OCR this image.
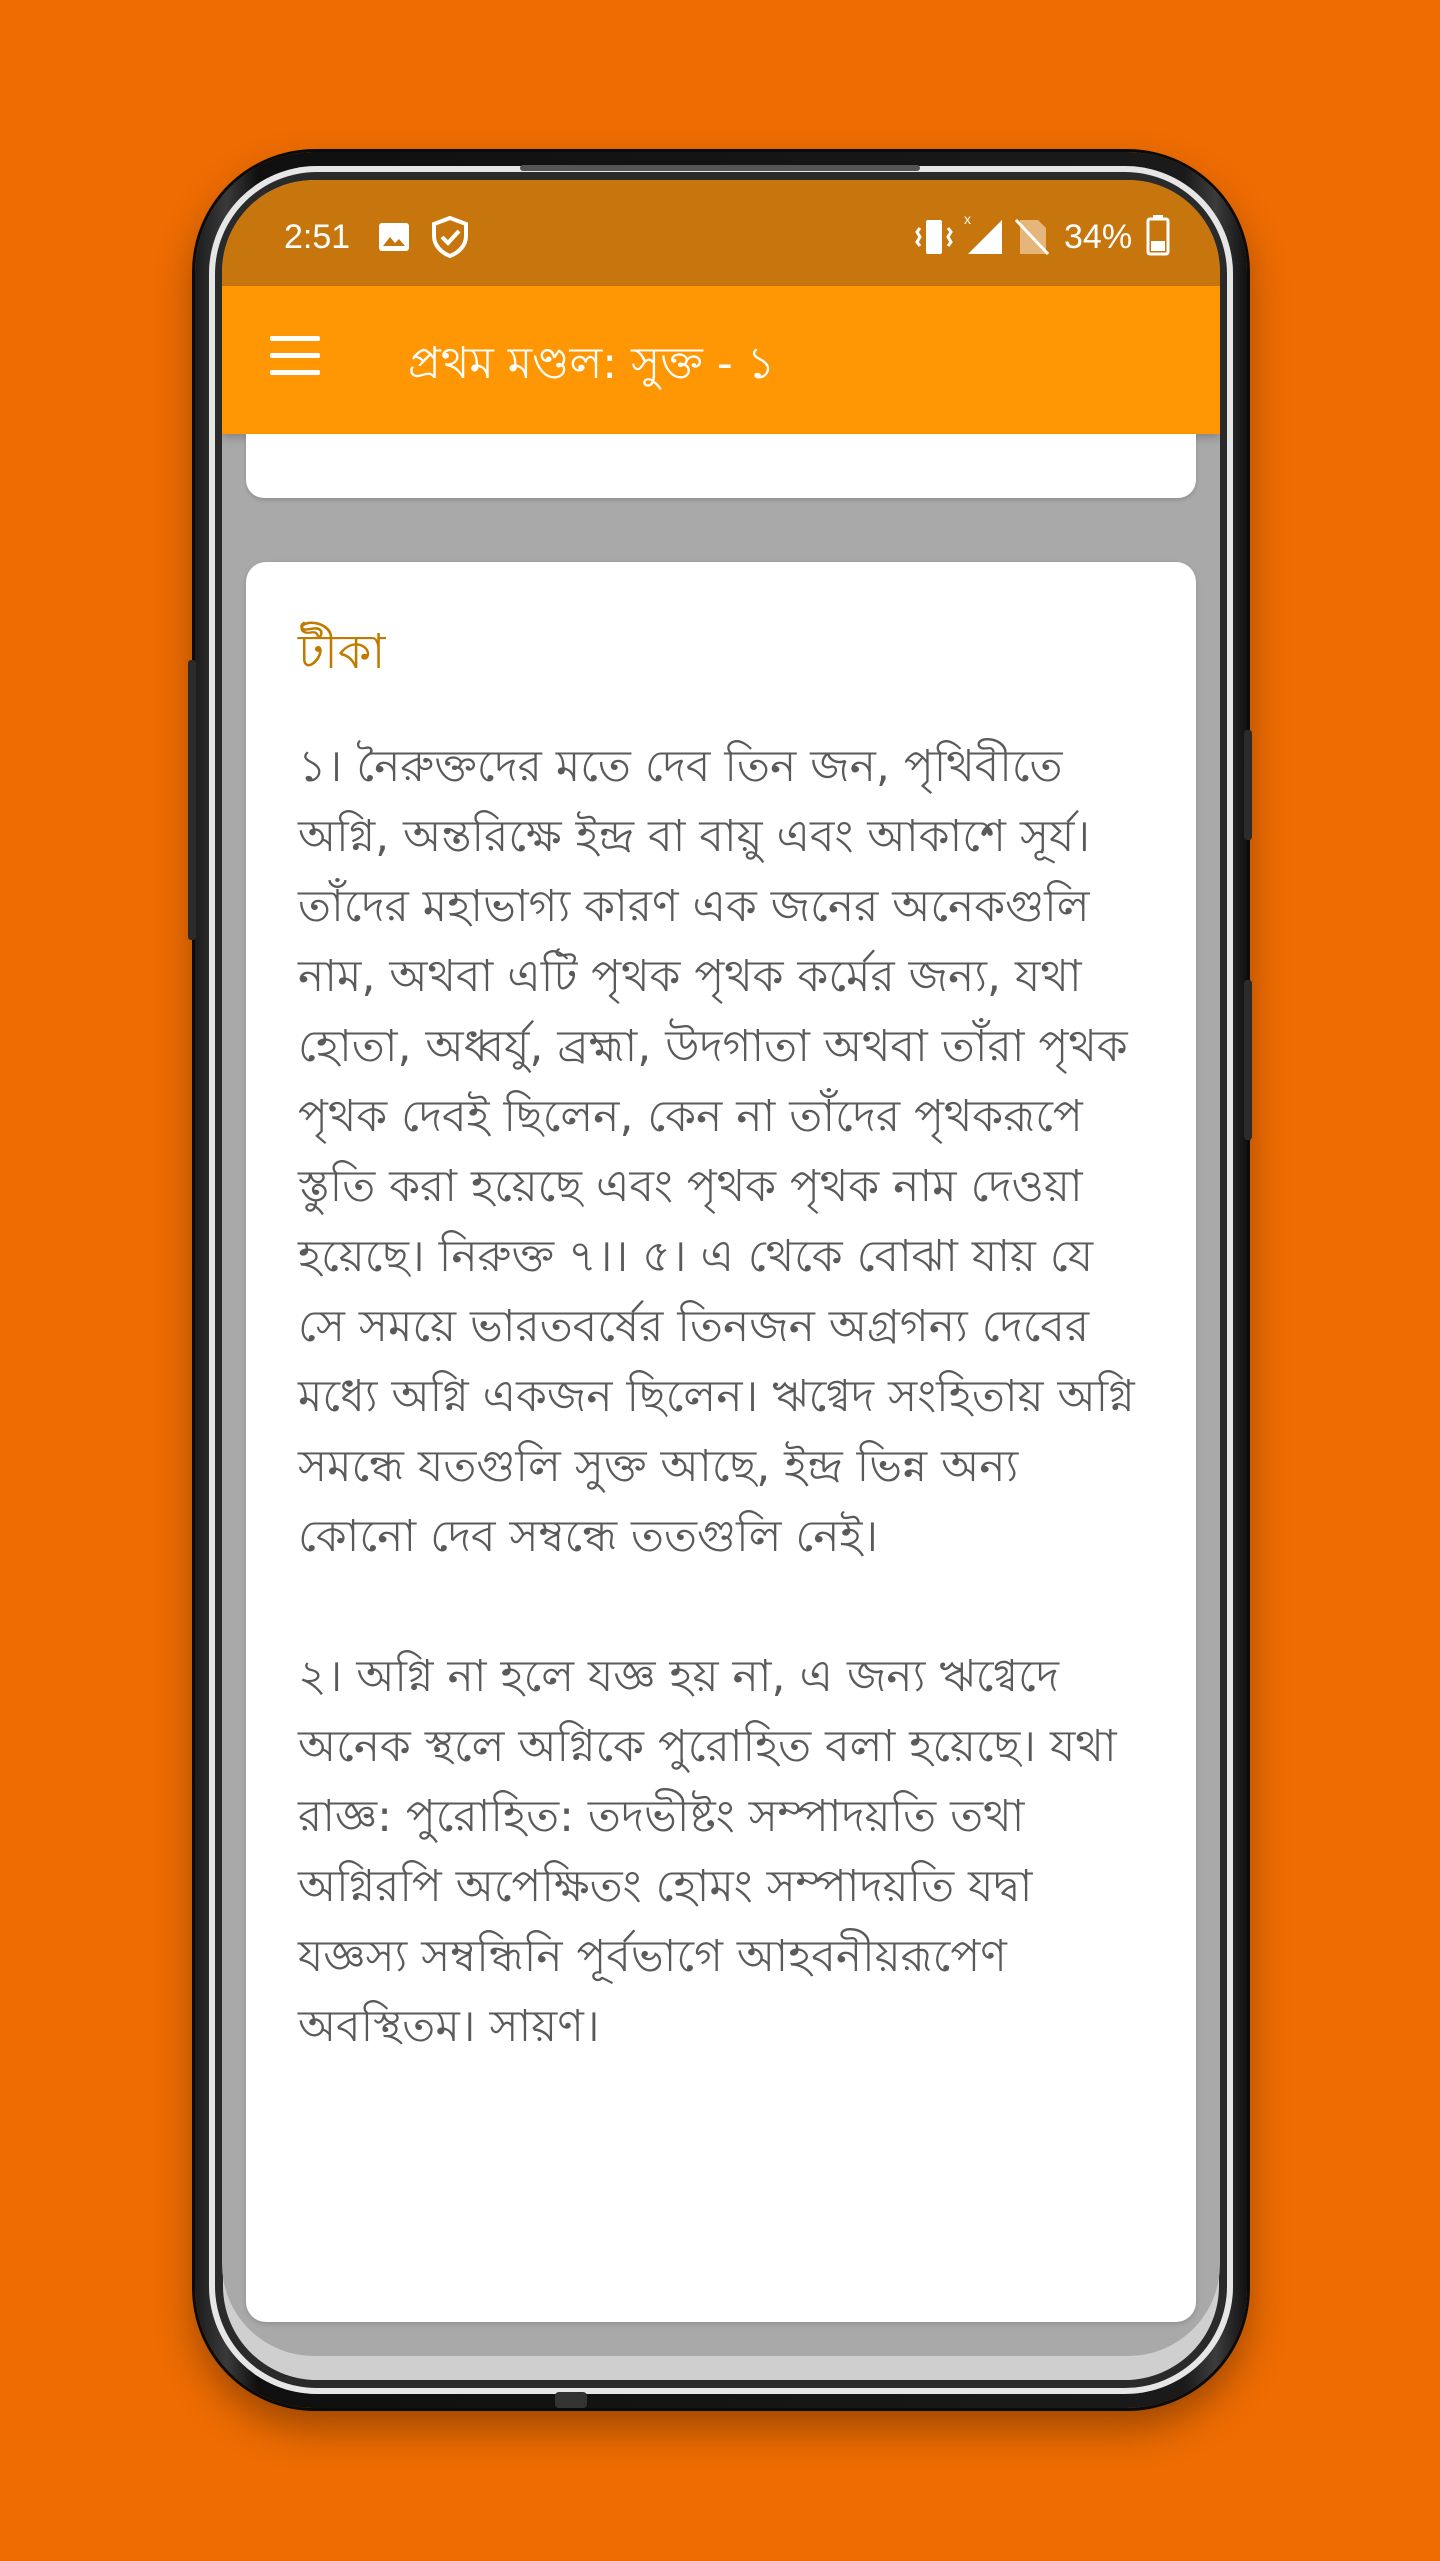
2:51	x	34%
প্রথম মণ্ডল: সুক্ত - ১
টীকা

১। নৈরুক্তদের মতে দেব তিন জন, পৃথিবীতে অগ্নি, অন্তরিক্ষে ইন্দ্র বা বায়ু এবং আকাশে সূর্য। তাঁদের মহাভাগ্য কারণ এক জনের অনেকগুলি নাম, অথবা এটি পৃথক পৃথক কর্মের জন্য, যথা হোতা, অধ্বর্যু, ব্রহ্মা, উদগাতা অথবা তাঁরা পৃথক পৃথক দেবই ছিলেন, কেন না তাঁদের পৃথকরূপে স্তুতি করা হয়েছে এবং পৃথক পৃথক নাম দেওয়া হয়েছে। নিরুক্ত ৭।। ৫। এ থেকে বোঝা যায় যে সে সময়ে ভারতবর্ষের তিনজন অগ্রগন্য দেবের মধ্যে অগ্নি একজন ছিলেন। ঋগ্বেদ সংহিতায় অগ্নি সমন্ধে যতগুলি সুক্ত আছে, ইন্দ্র ভিন্ন অন্য কোনো দেব সম্বন্ধে ততগুলি নেই।

২। অগ্নি না হলে যজ্ঞ হয় না, এ জন্য ঋগ্বেদে অনেক স্থলে অগ্নিকে পুরোহিত বলা হয়েছে। যথা রাজ্ঞ: পুরোহিত: তদভীষ্টং সম্পাদয়তি তথা অগ্নিরপি অপেক্ষিতং হোমং সম্পাদয়তি যদ্বা যজ্ঞস্য সম্বন্ধিনি পূর্বভাগে আহবনীয়রূপেণ অবস্থিতম। সায়ণ।
